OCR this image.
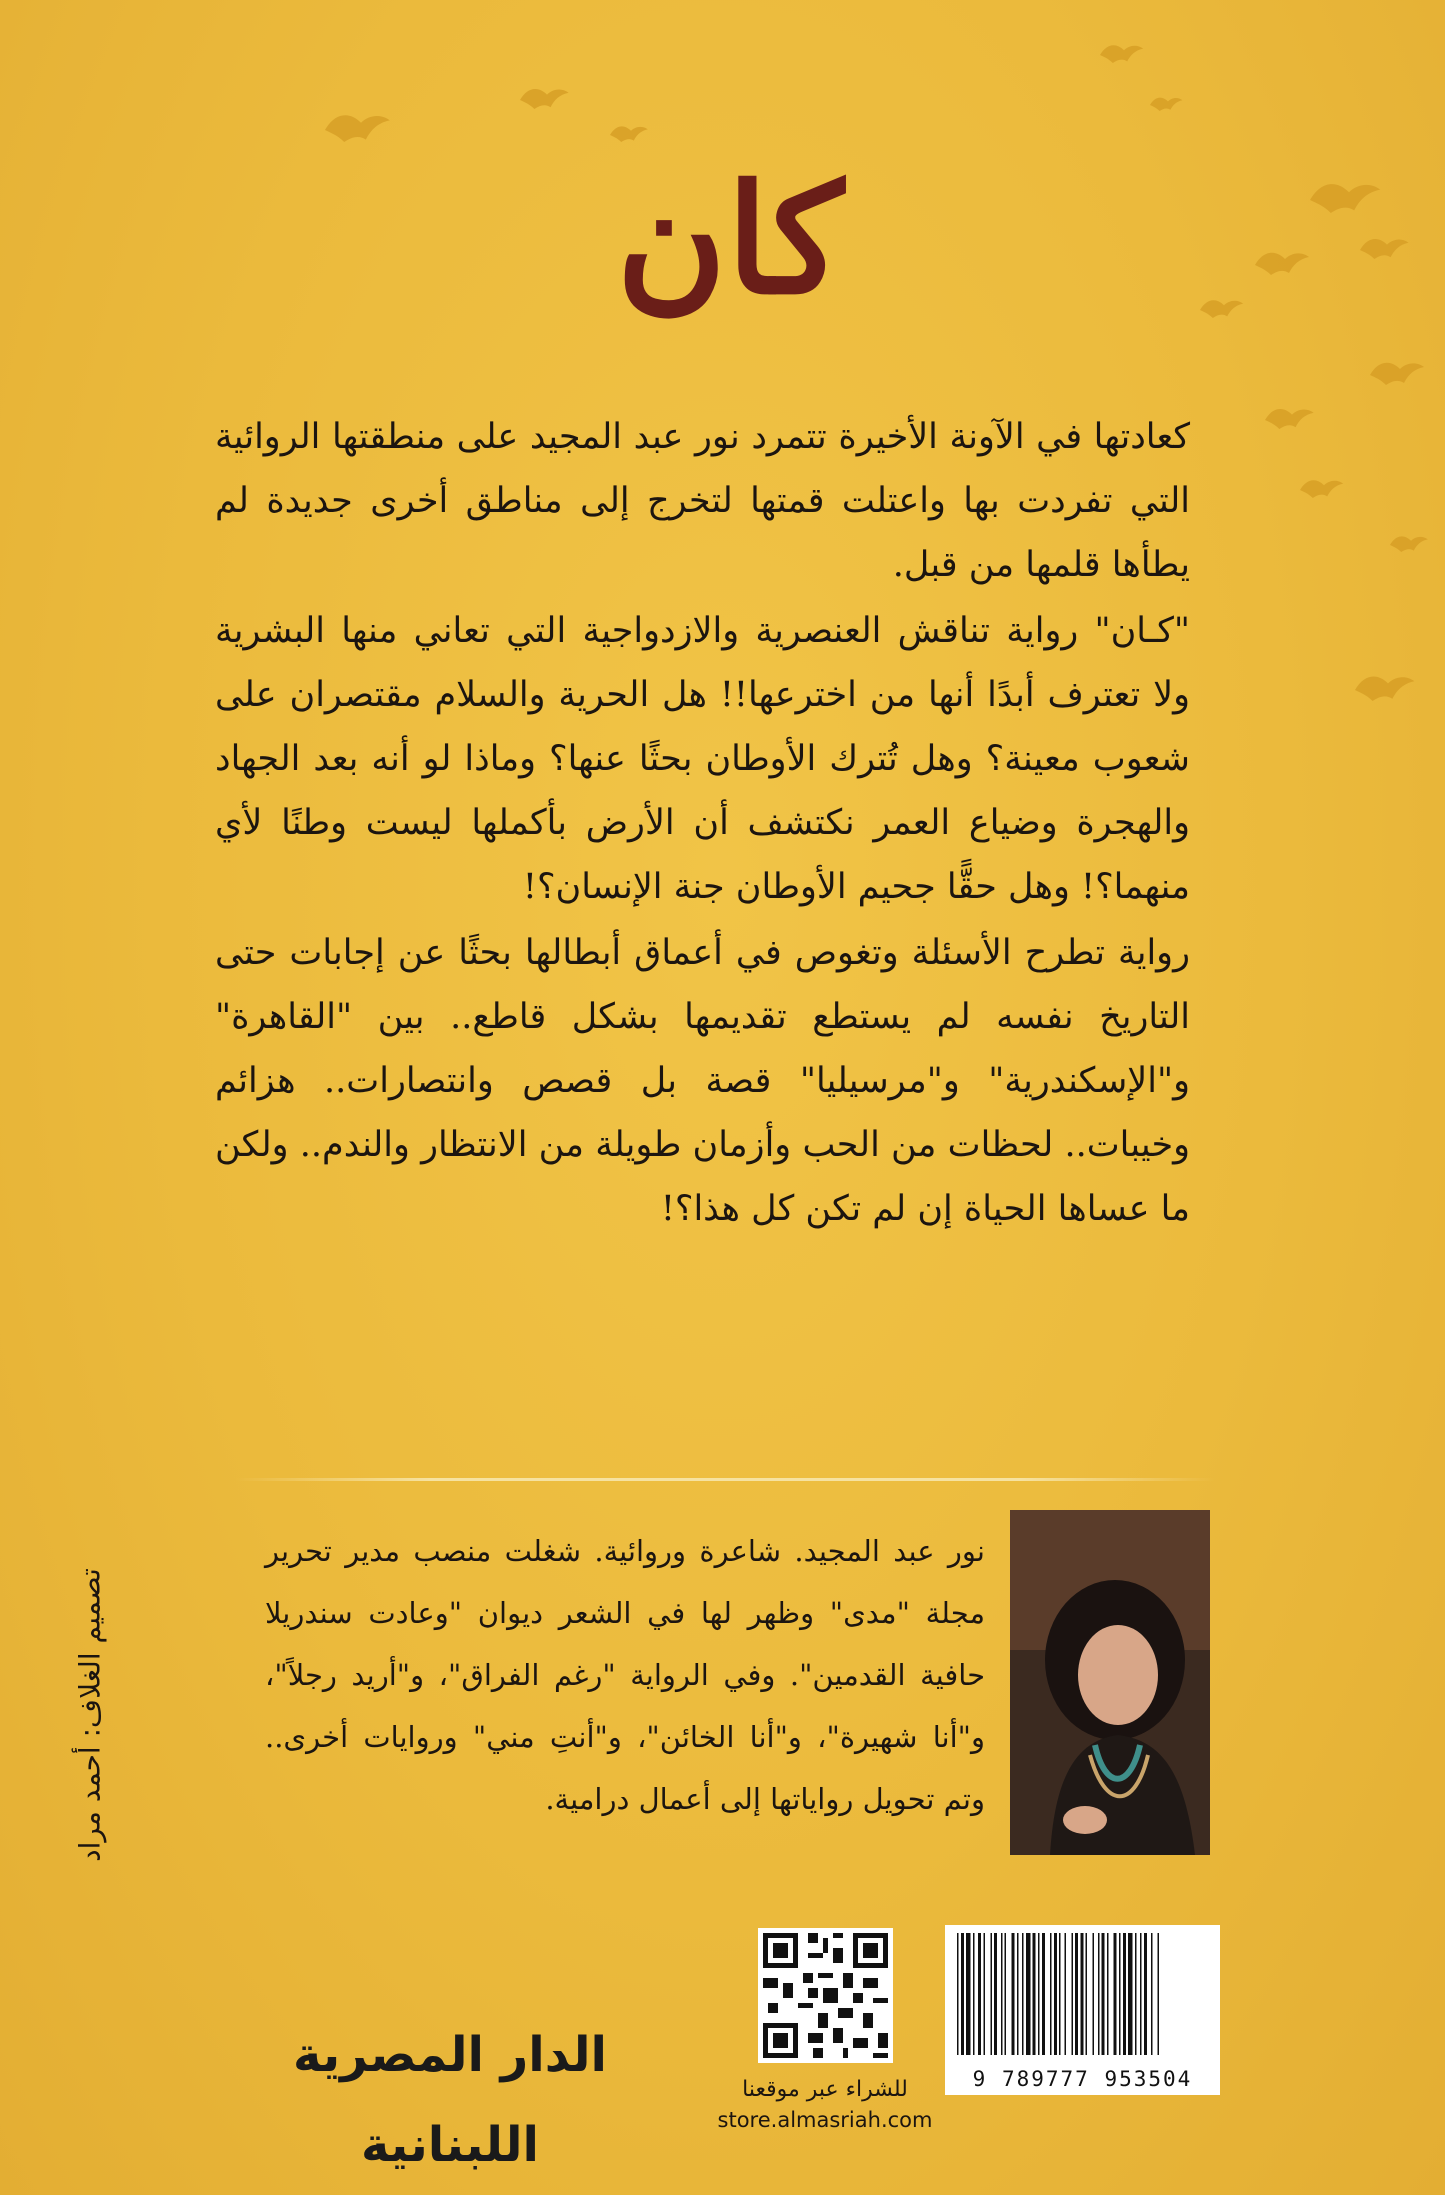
كان

كعادتها في الآونة الأخيرة تتمرد نور عبد المجيد على منطقتها الروائية التي تفردت بها واعتلت قمتها لتخرج إلى مناطق أخرى جديدة لم يطأها قلمها من قبل.

"كـان" رواية تناقش العنصرية والازدواجية التي تعاني منها البشرية ولا تعترف أبدًا أنها من اخترعها!! هل الحرية والسلام مقتصران على شعوب معينة؟ وهل تُترك الأوطان بحثًا عنها؟ وماذا لو أنه بعد الجهاد والهجرة وضياع العمر نكتشف أن الأرض بأكملها ليست وطنًا لأي منهما؟! وهل حقًّا جحيم الأوطان جنة الإنسان؟!

رواية تطرح الأسئلة وتغوص في أعماق أبطالها بحثًا عن إجابات حتى التاريخ نفسه لم يستطع تقديمها بشكل قاطع.. بين "القاهرة" و"الإسكندرية" و"مرسيليا" قصة بل قصص وانتصارات.. هزائم وخيبات.. لحظات من الحب وأزمان طويلة من الانتظار والندم.. ولكن ما عساها الحياة إن لم تكن كل هذا؟!

نور عبد المجيد. شاعرة وروائية. شغلت منصب مدير تحرير مجلة "مدى" وظهر لها في الشعر ديوان "وعادت سندريلا حافية القدمين". وفي الرواية "رغم الفراق"، و"أريد رجلاً"، و"أنا شهيرة"، و"أنا الخائن"، و"أنتِ مني" وروايات أخرى.. وتم تحويل رواياتها إلى أعمال درامية.
تصميم الغلاف: أحمد مراد
الدار المصرية اللبنانية
للشراء عبر موقعنا
store.almasriah.com
9 789777 953504
